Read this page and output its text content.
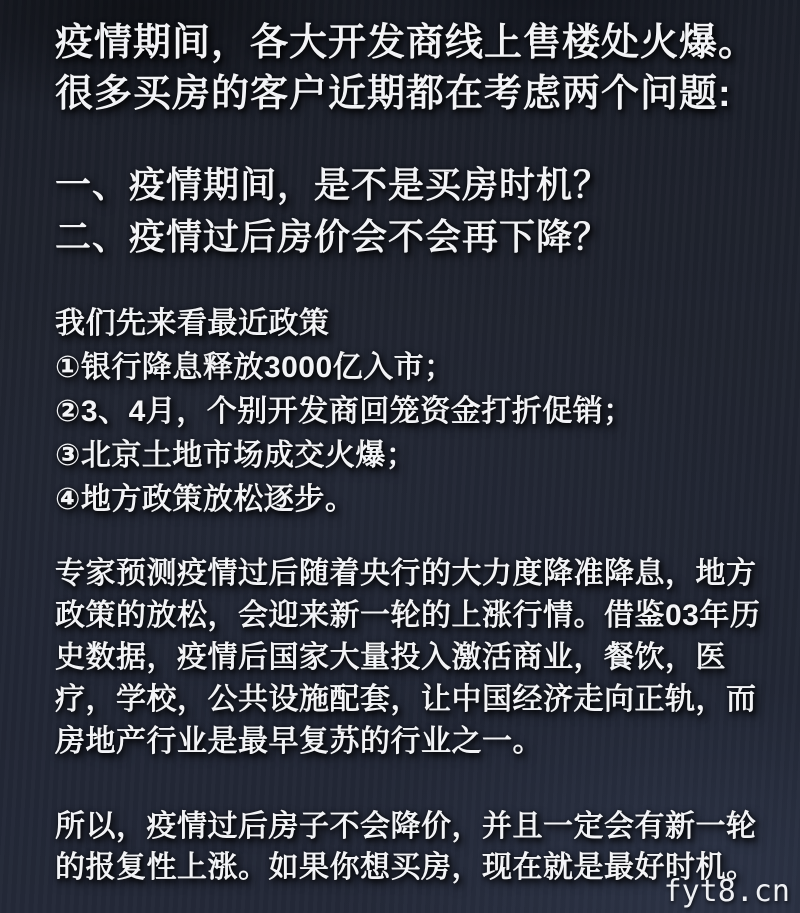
疫情期间，各大开发商线上售楼处火爆。
很多买房的客户近期都在考虑两个问题:
一、疫情期间，是不是买房时机？
二、疫情过后房价会不会再下降？
我们先来看最近政策
①银行降息释放3000亿入市；
②3、4月，个别开发商回笼资金打折促销；
③北京土地市场成交火爆；
④地方政策放松逐步。
专家预测疫情过后随着央行的大力度降准降息，地方
政策的放松，会迎来新一轮的上涨行情。借鉴03年历
史数据，疫情后国家大量投入激活商业，餐饮，医
疗，学校，公共设施配套，让中国经济走向正轨，而
房地产行业是最早复苏的行业之一。
所以，疫情过后房子不会降价，并且一定会有新一轮
的报复性上涨。如果你想买房，现在就是最好时机。
fyt8.cn
